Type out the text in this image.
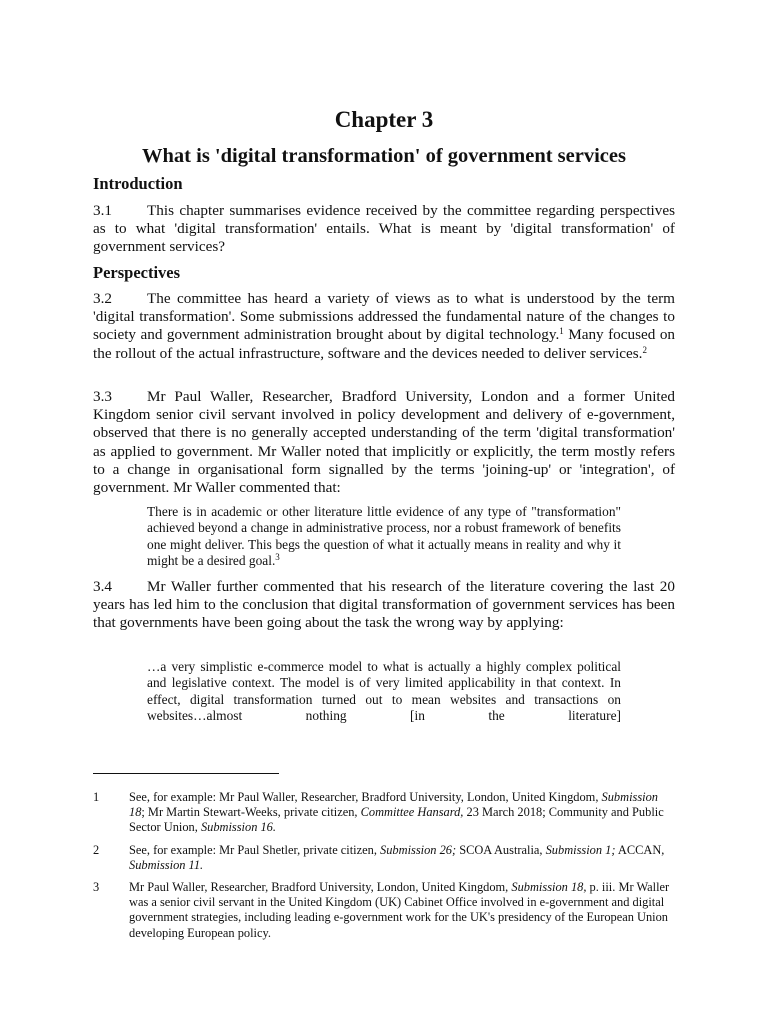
Chapter 3
What is 'digital transformation' of government services
Introduction

3.1 This chapter summarises evidence received by the committee regarding perspectives as to what 'digital transformation' entails. What is meant by 'digital transformation' of government services?

Perspectives

3.2 The committee has heard a variety of views as to what is understood by the term 'digital transformation'. Some submissions addressed the fundamental nature of the changes to society and government administration brought about by digital technology.$^1$ Many focused on the rollout of the actual infrastructure, software and the devices needed to deliver services.$^2$

3.3 Mr Paul Waller, Researcher, Bradford University, London and a former United Kingdom senior civil servant involved in policy development and delivery of e-government, observed that there is no generally accepted understanding of the term 'digital transformation' as applied to government. Mr Waller noted that implicitly or explicitly, the term mostly refers to a change in organisational form signalled by the terms 'joining-up' or 'integration', of government. Mr Waller commented that:

There is in academic or other literature little evidence of any type of "transformation" achieved beyond a change in administrative process, nor a robust framework of benefits one might deliver. This begs the question of what it actually means in reality and why it might be a desired goal.$^3$

3.4 Mr Waller further commented that his research of the literature covering the last 20 years has led him to the conclusion that digital transformation of government services has been that governments have been going about the task the wrong way by applying:

…a very simplistic e-commerce model to what is actually a highly complex political and legislative context. The model is of very limited applicability in that context. In effect, digital transformation turned out to mean websites and transactions on websites…almost nothing [in the literature]

1	See, for example: Mr Paul Waller, Researcher, Bradford University, London, United Kingdom, Submission 18; Mr Martin Stewart-Weeks, private citizen, Committee Hansard, 23 March 2018; Community and Public Sector Union, Submission 16.

2	See, for example: Mr Paul Shetler, private citizen, Submission 26; SCOA Australia, Submission 1; ACCAN, Submission 11.

3	Mr Paul Waller, Researcher, Bradford University, London, United Kingdom, Submission 18, p. iii. Mr Waller was a senior civil servant in the United Kingdom (UK) Cabinet Office involved in e-government and digital government strategies, including leading e-government work for the UK's presidency of the European Union developing European policy.
